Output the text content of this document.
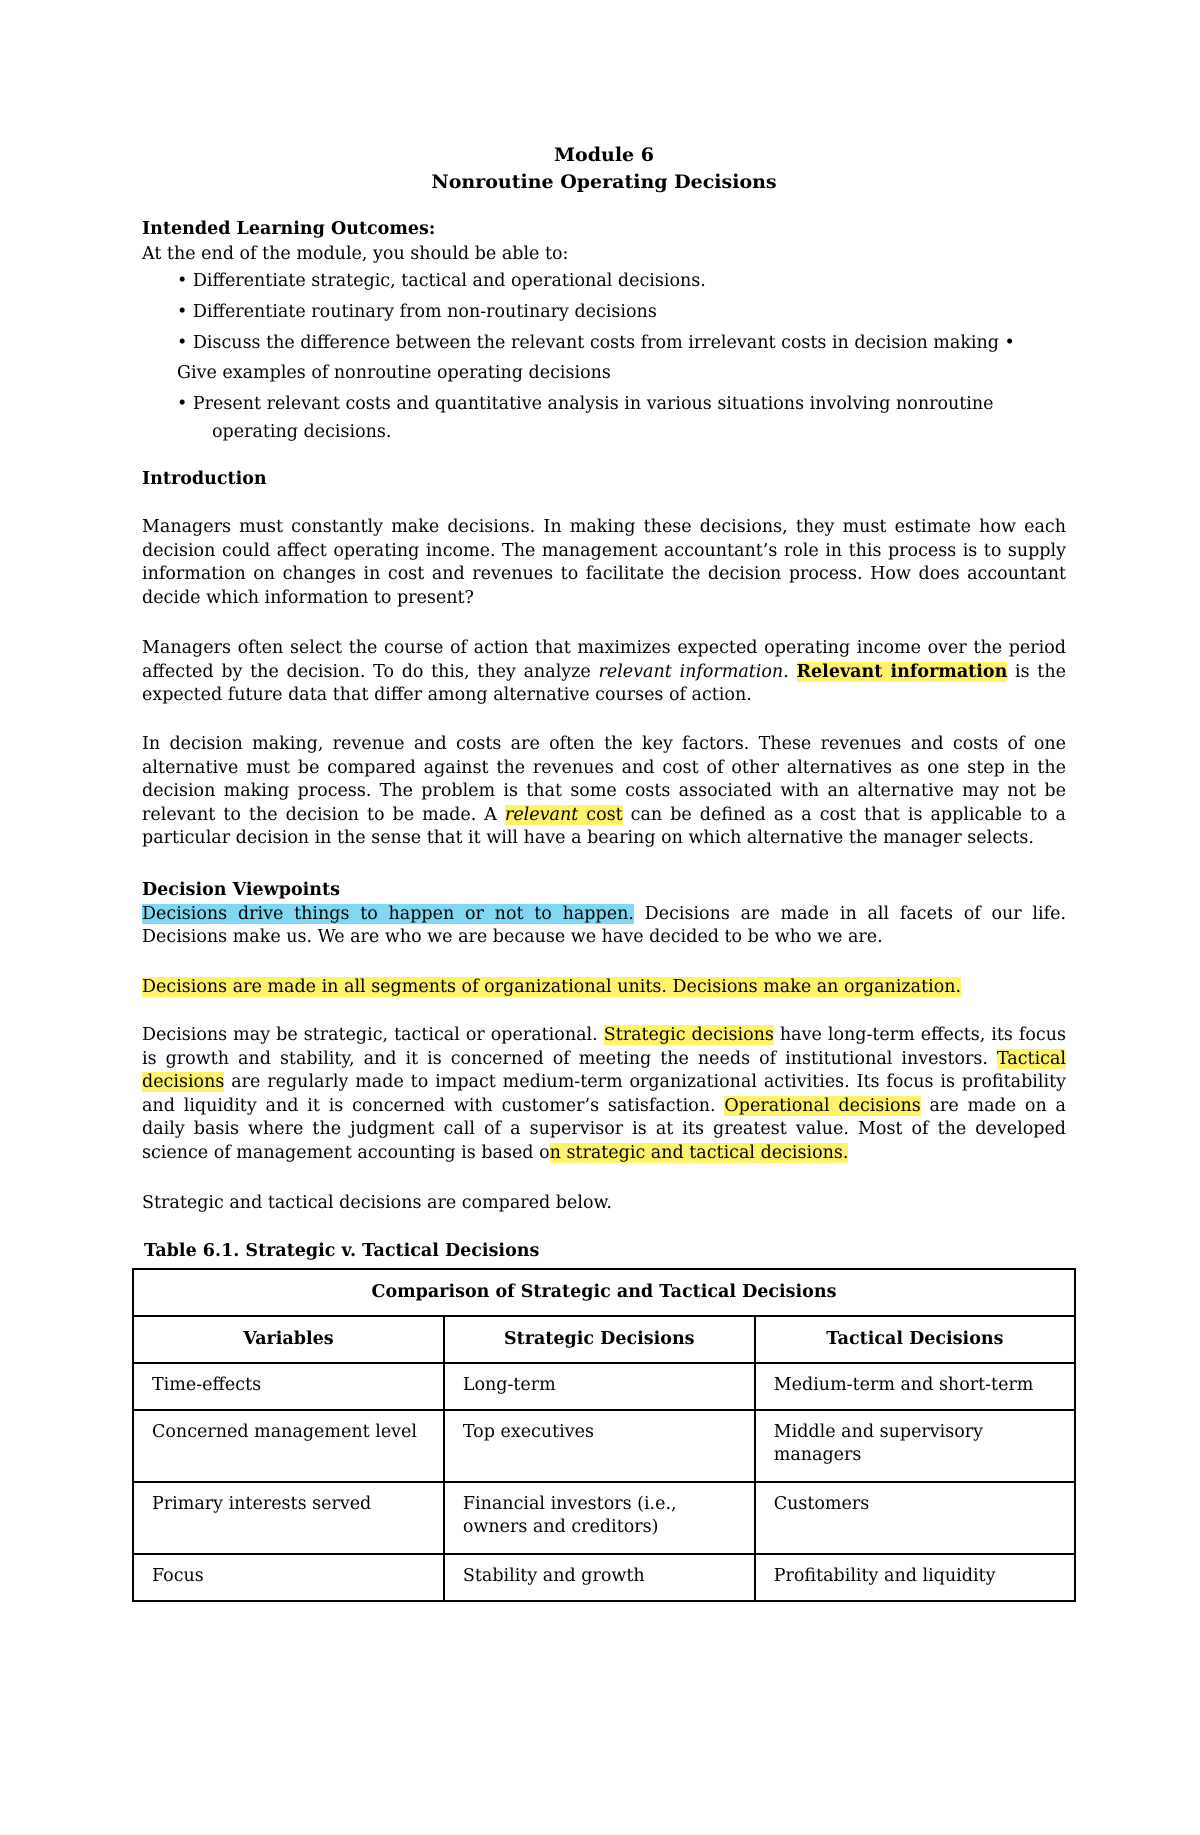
Module 6
Nonroutine Operating Decisions
Intended Learning Outcomes:
At the end of the module, you should be able to:
• Differentiate strategic, tactical and operational decisions.
• Differentiate routinary from non-routinary decisions
• Discuss the difference between the relevant costs from irrelevant costs in decision making •
Give examples of nonroutine operating decisions
• Present relevant costs and quantitative analysis in various situations involving nonroutine
operating decisions.
Introduction
Managers must constantly make decisions. In making these decisions, they must estimate how each decision could affect operating income. The management accountant’s role in this process is to supply information on changes in cost and revenues to facilitate the decision process. How does accountant decide which information to present?
Managers often select the course of action that maximizes expected operating income over the period affected by the decision. To do this, they analyze relevant information. Relevant information is the expected future data that differ among alternative courses of action.
In decision making, revenue and costs are often the key factors. These revenues and costs of one alternative must be compared against the revenues and cost of other alternatives as one step in the decision making process. The problem is that some costs associated with an alternative may not be relevant to the decision to be made. A relevant cost can be defined as a cost that is applicable to a particular decision in the sense that it will have a bearing on which alternative the manager selects.
Decision Viewpoints
Decisions drive things to happen or not to happen. Decisions are made in all facets of our life. Decisions make us. We are who we are because we have decided to be who we are.
Decisions are made in all segments of organizational units. Decisions make an organization.
Decisions may be strategic, tactical or operational. Strategic decisions have long-term effects, its focus is growth and stability, and it is concerned of meeting the needs of institutional investors. Tactical decisions are regularly made to impact medium-term organizational activities. Its focus is profitability and liquidity and it is concerned with customer’s satisfaction. Operational decisions are made on a daily basis where the judgment call of a supervisor is at its greatest value. Most of the developed science of management accounting is based on strategic and tactical decisions.
Strategic and tactical decisions are compared below.
Table 6.1. Strategic v. Tactical Decisions
Comparison of Strategic and Tactical Decisions		
Variables	Strategic Decisions	Tactical Decisions
Time-effects	Long-term	Medium-term and short-term
Concerned management level	Top executives	Middle and supervisory managers
Primary interests served	Financial investors (i.e., owners and creditors)	Customers
Focus	Stability and growth	Profitability and liquidity
